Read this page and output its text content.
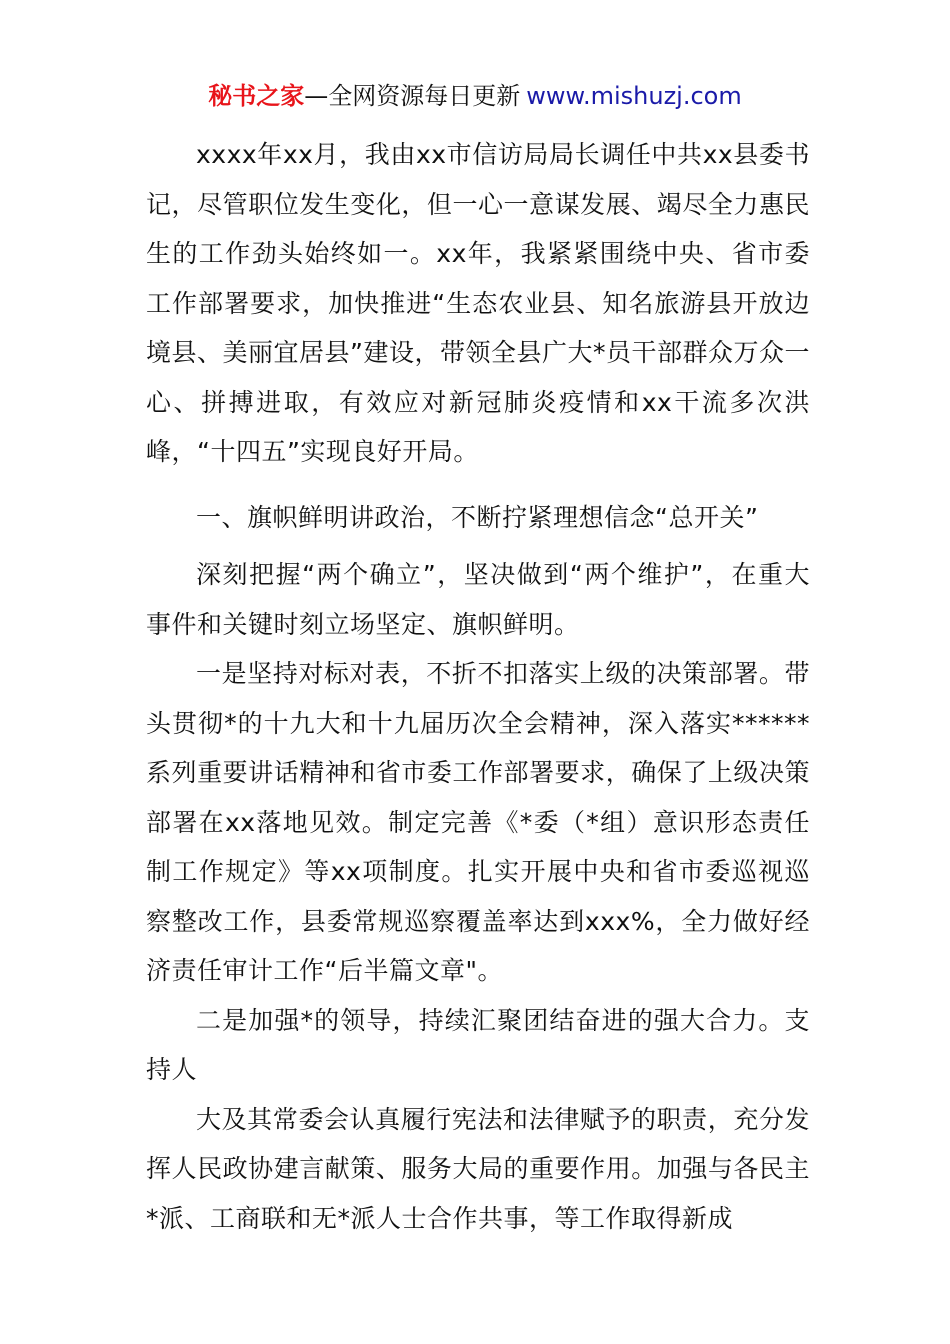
秘书之家—全网资源每日更新 www.mishuzj.com

xxxx年xx月，我由xx市信访局局长调任中共xx县委书记，尽管职位发生变化，但一心一意谋发展、竭尽全力惠民生的工作劲头始终如一。xx年，我紧紧围绕中央、省市委工作部署要求，加快推进“生态农业县、知名旅游县开放边境县、美丽宜居县”建设，带领全县广大*员干部群众万众一心、拼搏进取，有效应对新冠肺炎疫情和xx干流多次洪峰，“十四五”实现良好开局。

一、旗帜鲜明讲政治，不断拧紧理想信念“总开关”

深刻把握“两个确立”，坚决做到“两个维护”，在重大事件和关键时刻立场坚定、旗帜鲜明。

一是坚持对标对表，不折不扣落实上级的决策部署。带头贯彻*的十九大和十九届历次全会精神，深入落实******系列重要讲话精神和省市委工作部署要求，确保了上级决策部署在xx落地见效。制定完善《*委（*组）意识形态责任制工作规定》等xx项制度。扎实开展中央和省市委巡视巡察整改工作，县委常规巡察覆盖率达到xxx%，全力做好经济责任审计工作“后半篇文章"。

二是加强*的领导，持续汇聚团结奋进的强大合力。支持人

大及其常委会认真履行宪法和法律赋予的职责，充分发挥人民政协建言献策、服务大局的重要作用。加强与各民主*派、工商联和无*派人士合作共事，等工作取得新成
